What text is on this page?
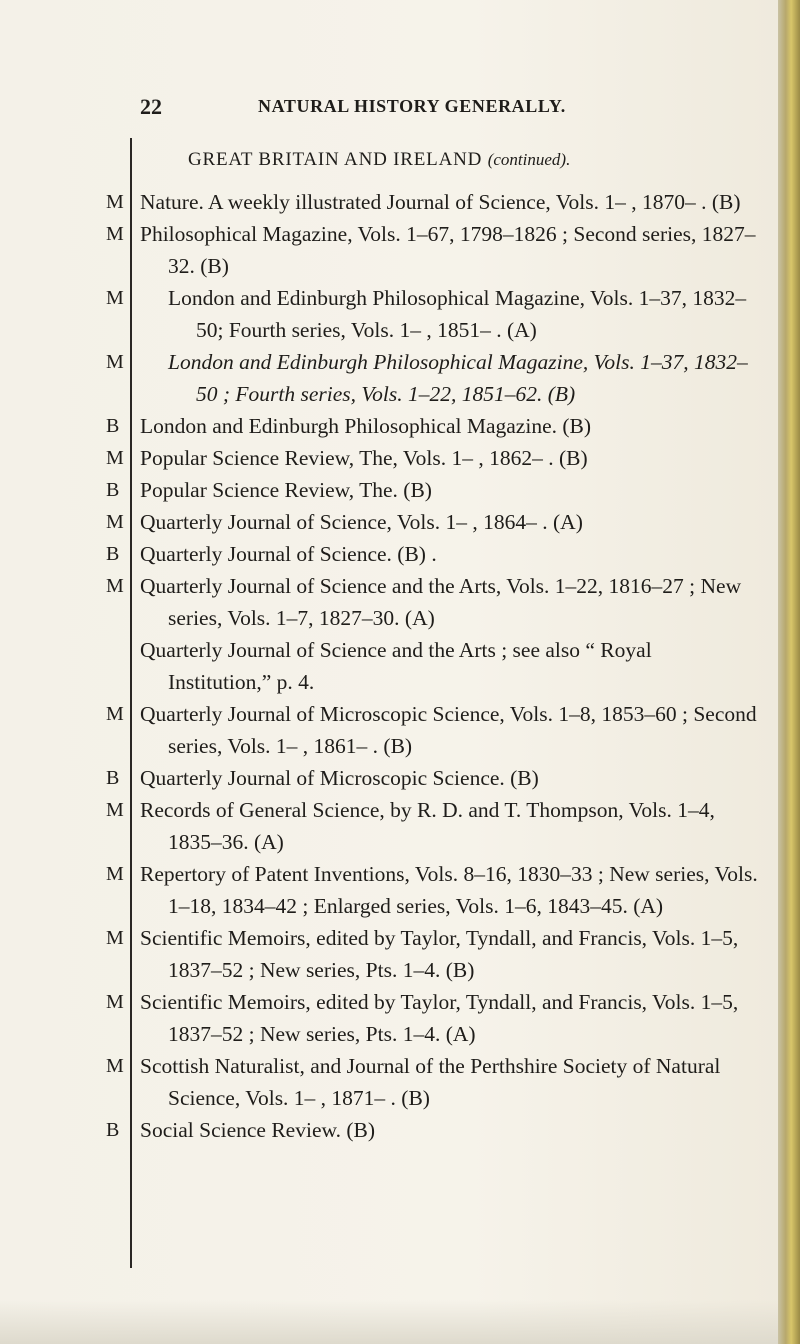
22	NATURAL HISTORY GENERALLY.
GREAT BRITAIN AND IRELAND (continued).
M Nature. A weekly illustrated Journal of Science, Vols. 1– , 1870– . (B)
M Philosophical Magazine, Vols. 1–67, 1798–1826 ; Second series, 1827–32. (B)
M London and Edinburgh Philosophical Magazine, Vols. 1–37, 1832–50; Fourth series, Vols. 1– , 1851– . (A)
M London and Edinburgh Philosophical Magazine, Vols. 1–37, 1832–50 ; Fourth series, Vols. 1–22, 1851–62. (B)
B London and Edinburgh Philosophical Magazine. (B)
M Popular Science Review, The, Vols. 1– , 1862– . (B)
B Popular Science Review, The. (B)
M Quarterly Journal of Science, Vols. 1– , 1864– . (A)
B Quarterly Journal of Science. (B) .
M Quarterly Journal of Science and the Arts, Vols. 1–22, 1816–27 ; New series, Vols. 1–7, 1827–30. (A)
Quarterly Journal of Science and the Arts ; see also “ Royal Institution,” p. 4.
M Quarterly Journal of Microscopic Science, Vols. 1–8, 1853–60 ; Second series, Vols. 1– , 1861– . (B)
B Quarterly Journal of Microscopic Science. (B)
M Records of General Science, by R. D. and T. Thompson, Vols. 1–4, 1835–36. (A)
M Repertory of Patent Inventions, Vols. 8–16, 1830–33 ; New series, Vols. 1–18, 1834–42 ; Enlarged series, Vols. 1–6, 1843–45. (A)
M Scientific Memoirs, edited by Taylor, Tyndall, and Francis, Vols. 1–5, 1837–52 ; New series, Pts. 1–4. (B)
M Scientific Memoirs, edited by Taylor, Tyndall, and Francis, Vols. 1–5, 1837–52 ; New series, Pts. 1–4. (A)
M Scottish Naturalist, and Journal of the Perthshire Society of Natural Science, Vols. 1– , 1871– . (B)
B Social Science Review. (B)
